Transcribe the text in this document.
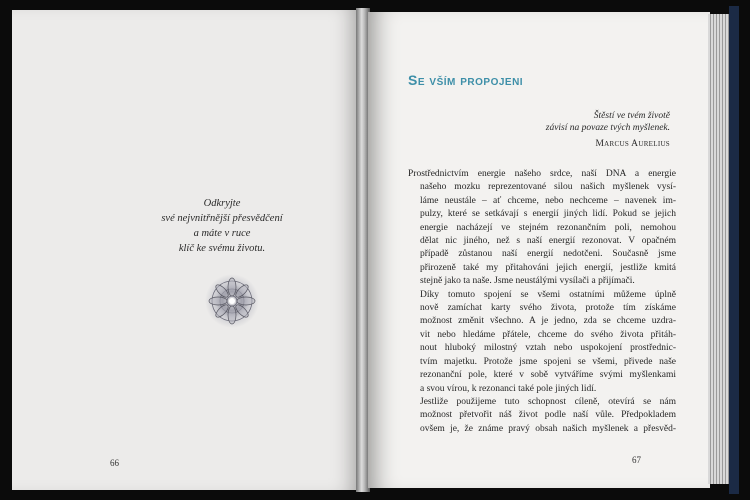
Odkryjte
své nejvnitřnější přesvědčení
a máte v ruce
klíč ke svému životu.
66
Se vším propojeni
Štěstí ve tvém životě
závisí na povaze tvých myšlenek.
Marcus Aurelius

Prostřednictvím energie našeho srdce, naší DNA a energie
našeho mozku reprezentované silou našich myšlenek vysí-
láme neustále – ať chceme, nebo nechceme – navenek im-
pulzy, které se setkávají s energií jiných lidí. Pokud se jejich
energie nacházejí ve stejném rezonančním poli, nemohou
dělat nic jiného, než s naší energií rezonovat. V opačném
případě zůstanou naší energií nedotčeni. Současně jsme
přirozeně také my přitahováni jejich energií, jestliže kmitá
stejně jako ta naše. Jsme neustálými vysílači a přijímači.

Díky tomuto spojení se všemi ostatními můžeme úplně
nově zamíchat karty svého života, protože tím získáme
možnost změnit všechno. A je jedno, zda se chceme uzdra-
vit nebo hledáme přátele, chceme do svého života přitáh-
nout hluboký milostný vztah nebo uspokojení prostřednic-
tvím majetku. Protože jsme spojeni se všemi, přivede naše
rezonanční pole, které v sobě vytváříme svými myšlenkami
a svou vírou, k rezonanci také pole jiných lidí.

Jestliže použijeme tuto schopnost cíleně, otevírá se nám
možnost přetvořit náš život podle naší vůle. Předpokladem
ovšem je, že známe pravý obsah našich myšlenek a přesvěd-

67
